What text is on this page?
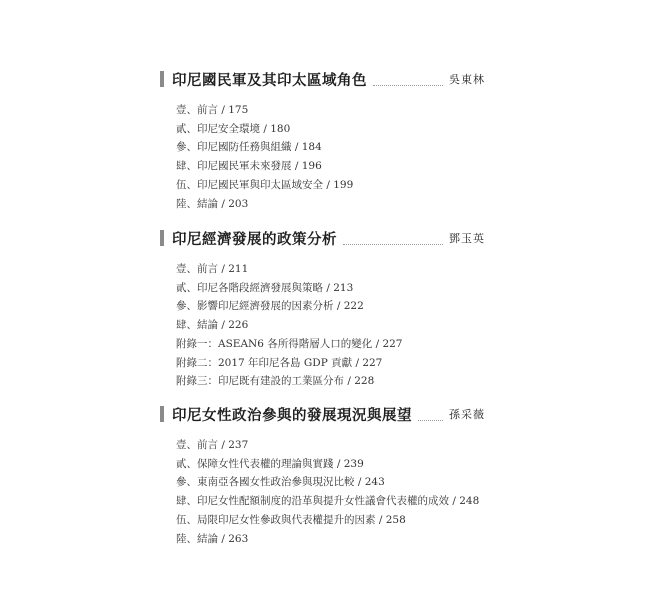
印尼國民軍及其印太區域角色	吳東林
壹、前言 / 175
貳、印尼安全環境 / 180
參、印尼國防任務與組織 / 184
肆、印尼國民軍未來發展 / 196
伍、印尼國民軍與印太區域安全 / 199
陸、結論 / 203
印尼經濟發展的政策分析	鄧玉英
壹、前言 / 211
貳、印尼各階段經濟發展與策略 / 213
參、影響印尼經濟發展的因素分析 / 222
肆、結論 / 226
附錄一：ASEAN6 各所得階層人口的變化 / 227
附錄二：2017 年印尼各島 GDP 貢獻 / 227
附錄三：印尼既有建設的工業區分布 / 228
印尼女性政治參與的發展現況與展望	孫采薇
壹、前言 / 237
貳、保障女性代表權的理論與實踐 / 239
參、東南亞各國女性政治參與現況比較 / 243
肆、印尼女性配額制度的沿革與提升女性議會代表權的成效 / 248
伍、局限印尼女性參政與代表權提升的因素 / 258
陸、結論 / 263
